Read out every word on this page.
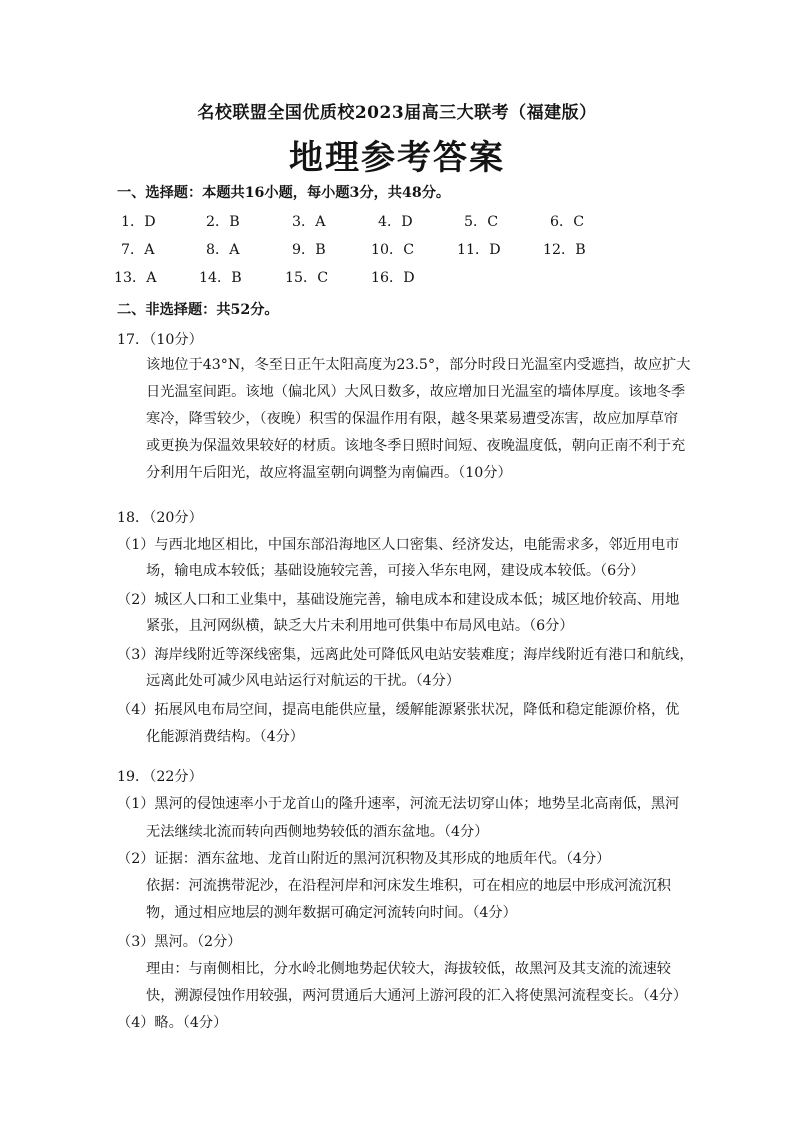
名校联盟全国优质校2023届高三大联考（福建版）
地理参考答案
一、选择题：本题共16小题，每小题3分，共48分。
1．D	2．B	3．A	4．D	5．C	6．C
7．A	8．A	9．B	10．C	11．D	12．B
13．A	14．B	15．C	16．D
二、非选择题：共52分。
17．（10分）
该地位于43°N，冬至日正午太阳高度为23.5°，部分时段日光温室内受遮挡，故应扩大
日光温室间距。该地（偏北风）大风日数多，故应增加日光温室的墙体厚度。该地冬季
寒冷，降雪较少，（夜晚）积雪的保温作用有限，越冬果菜易遭受冻害，故应加厚草帘
或更换为保温效果较好的材质。该地冬季日照时间短、夜晚温度低，朝向正南不利于充
分利用午后阳光，故应将温室朝向调整为南偏西。（10分）
18．（20分）
（1）与西北地区相比，中国东部沿海地区人口密集、经济发达，电能需求多，邻近用电市
场，输电成本较低；基础设施较完善，可接入华东电网，建设成本较低。（6分）
（2）城区人口和工业集中，基础设施完善，输电成本和建设成本低；城区地价较高、用地
紧张，且河网纵横，缺乏大片未利用地可供集中布局风电站。（6分）
（3）海岸线附近等深线密集，远离此处可降低风电站安装难度；海岸线附近有港口和航线，
远离此处可减少风电站运行对航运的干扰。（4分）
（4）拓展风电布局空间，提高电能供应量，缓解能源紧张状况，降低和稳定能源价格，优
化能源消费结构。（4分）
19．（22分）
（1）黑河的侵蚀速率小于龙首山的隆升速率，河流无法切穿山体；地势呈北高南低，黑河
无法继续北流而转向西侧地势较低的酒东盆地。（4分）
（2）证据：酒东盆地、龙首山附近的黑河沉积物及其形成的地质年代。（4分）
依据：河流携带泥沙，在沿程河岸和河床发生堆积，可在相应的地层中形成河流沉积
物，通过相应地层的测年数据可确定河流转向时间。（4分）
（3）黑河。（2分）
理由：与南侧相比，分水岭北侧地势起伏较大，海拔较低，故黑河及其支流的流速较
快，溯源侵蚀作用较强，两河贯通后大通河上游河段的汇入将使黑河流程变长。（4分）
（4）略。（4分）
